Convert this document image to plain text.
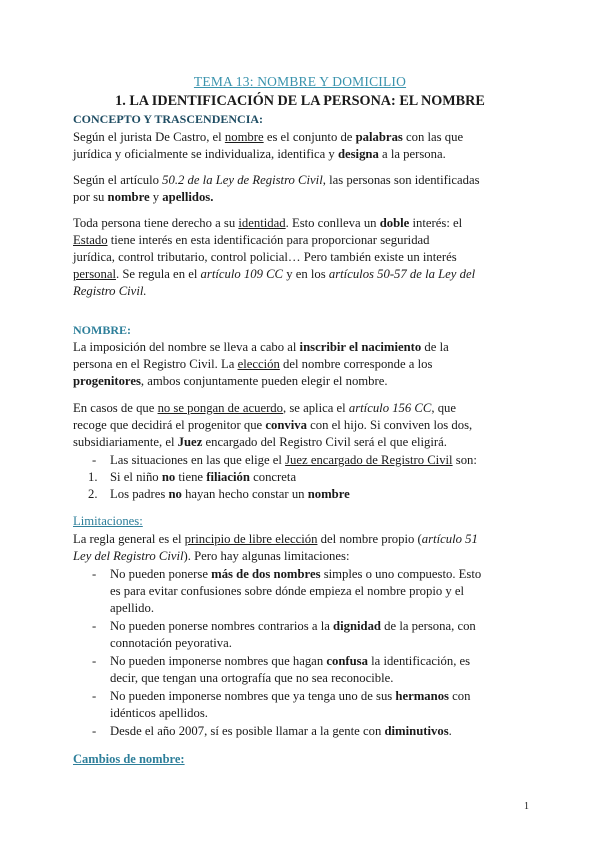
TEMA 13: NOMBRE Y DOMICILIO
1. LA IDENTIFICACIÓN DE LA PERSONA: EL NOMBRE
CONCEPTO Y TRASCENDENCIA:
Según el jurista De Castro, el nombre es el conjunto de palabras con las que
jurídica y oficialmente se individualiza, identifica y designa a la persona.
Según el artículo 50.2 de la Ley de Registro Civil, las personas son identificadas
por su nombre y apellidos.
Toda persona tiene derecho a su identidad. Esto conlleva un doble interés: el
Estado tiene interés en esta identificación para proporcionar seguridad
jurídica, control tributario, control policial… Pero también existe un interés
personal. Se regula en el artículo 109 CC y en los artículos 50-57 de la Ley del
Registro Civil.
NOMBRE:
La imposición del nombre se lleva a cabo al inscribir el nacimiento de la
persona en el Registro Civil. La elección del nombre corresponde a los
progenitores, ambos conjuntamente pueden elegir el nombre.
En casos de que no se pongan de acuerdo, se aplica el artículo 156 CC, que
recoge que decidirá el progenitor que conviva con el hijo. Si conviven los dos,
subsidiariamente, el Juez encargado del Registro Civil será el que eligirá.
- Las situaciones en las que elige el Juez encargado de Registro Civil son:
1. Si el niño no tiene filiación concreta
2. Los padres no hayan hecho constar un nombre
Limitaciones:
La regla general es el principio de libre elección del nombre propio (artículo 51
Ley del Registro Civil). Pero hay algunas limitaciones:
- No pueden ponerse más de dos nombres simples o uno compuesto. Esto
es para evitar confusiones sobre dónde empieza el nombre propio y el
apellido.
- No pueden ponerse nombres contrarios a la dignidad de la persona, con
connotación peyorativa.
- No pueden imponerse nombres que hagan confusa la identificación, es
decir, que tengan una ortografía que no sea reconocible.
- No pueden imponerse nombres que ya tenga uno de sus hermanos con
idénticos apellidos.
- Desde el año 2007, sí es posible llamar a la gente con diminutivos.
Cambios de nombre:
1
